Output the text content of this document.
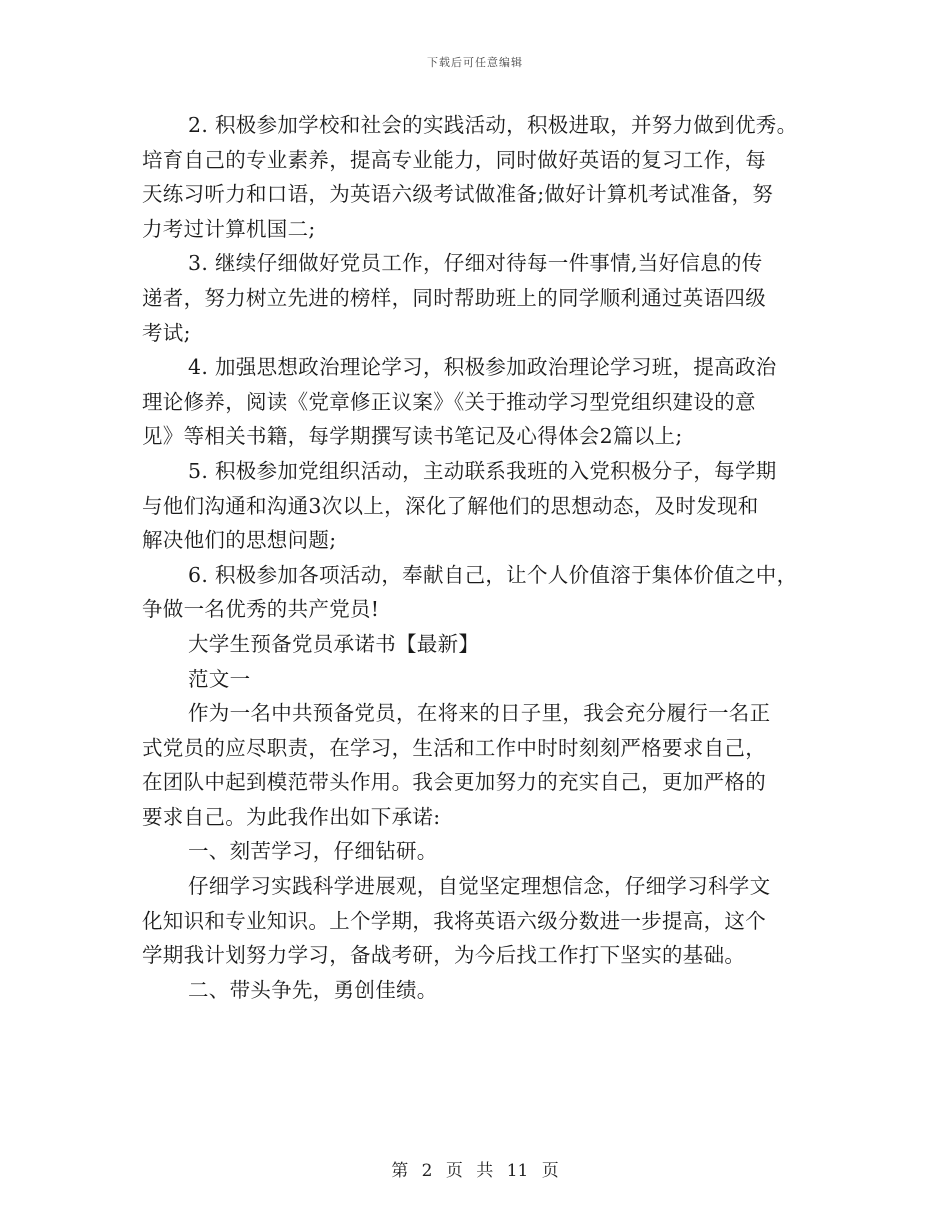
下载后可任意编辑
2. 积极参加学校和社会的实践活动，积极进取，并努力做到优秀。
培育自己的专业素养，提高专业能力，同时做好英语的复习工作，每
天练习听力和口语，为英语六级考试做准备;做好计算机考试准备，努
力考过计算机国二;
3. 继续仔细做好党员工作，仔细对待每一件事情,当好信息的传
递者，努力树立先进的榜样，同时帮助班上的同学顺利通过英语四级
考试;
4. 加强思想政治理论学习，积极参加政治理论学习班，提高政治
理论修养，阅读《党章修正议案》《关于推动学习型党组织建设的意
见》等相关书籍，每学期撰写读书笔记及心得体会2篇以上;
5. 积极参加党组织活动，主动联系我班的入党积极分子，每学期
与他们沟通和沟通3次以上，深化了解他们的思想动态，及时发现和
解决他们的思想问题;
6. 积极参加各项活动，奉献自己，让个人价值溶于集体价值之中，
争做一名优秀的共产党员!
大学生预备党员承诺书【最新】
范文一
作为一名中共预备党员，在将来的日子里，我会充分履行一名正
式党员的应尽职责，在学习，生活和工作中时时刻刻严格要求自己，
在团队中起到模范带头作用。我会更加努力的充实自己，更加严格的
要求自己。为此我作出如下承诺:
一、刻苦学习，仔细钻研。
仔细学习实践科学进展观，自觉坚定理想信念，仔细学习科学文
化知识和专业知识。上个学期，我将英语六级分数进一步提高，这个
学期我计划努力学习，备战考研，为今后找工作打下坚实的基础。
二、带头争先，勇创佳绩。
第 2 页 共 11 页
